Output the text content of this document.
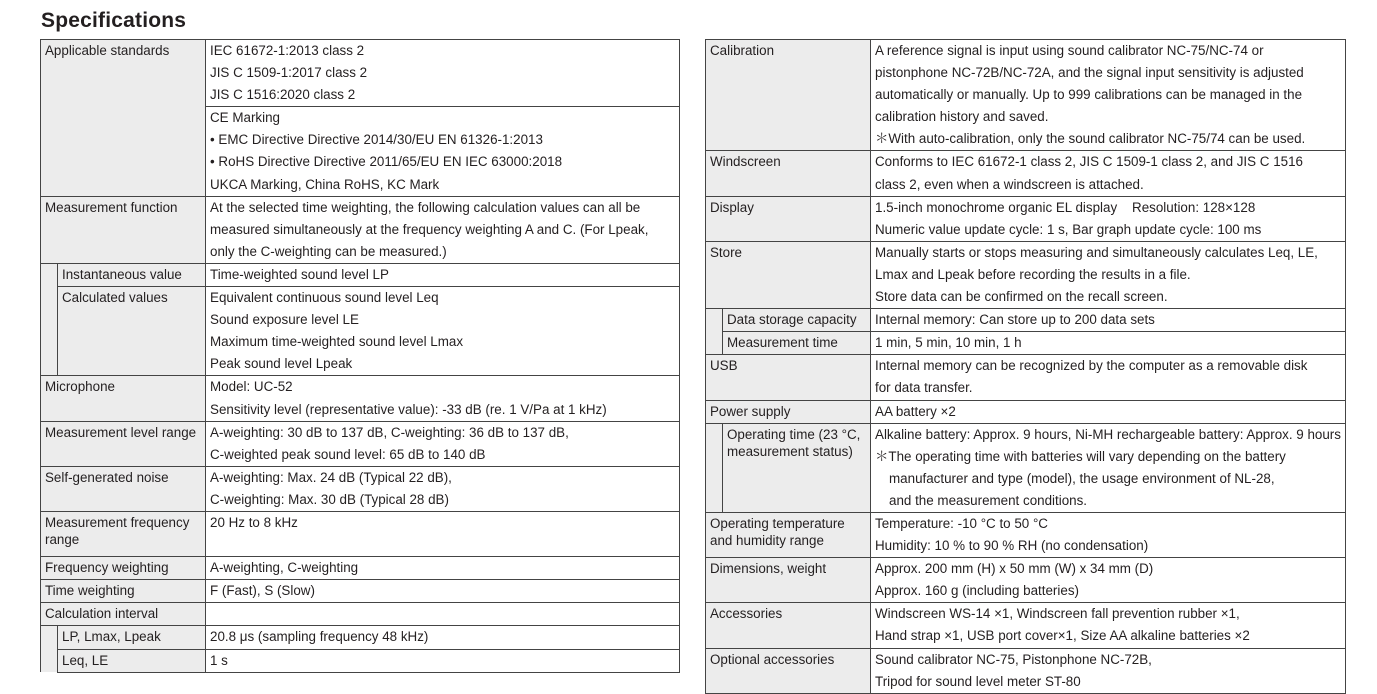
Specifications
Applicable standards		IEC 61672-1:2013 class 2
JIS C 1509-1:2017 class 2
JIS C 1516:2020 class 2

		CE Marking
• EMC Directive Directive 2014/30/EU EN 61326-1:2013
• RoHS Directive Directive 2011/65/EU EN IEC 63000:2018
UKCA Marking, China RoHS, KC Mark

Measurement function		At the selected time weighting, the following calculation values can all be
measured simultaneously at the frequency weighting A and C. (For Lpeak,
only the C-weighting can be measured.)

	Instantaneous value	Time-weighted sound level LP

	Calculated values	Equivalent continuous sound level Leq
Sound exposure level LE
Maximum time-weighted sound level Lmax
Peak sound level Lpeak

Microphone		Model: UC-52
Sensitivity level (representative value): -33 dB (re. 1 V/Pa at 1 kHz)

Measurement level range		A-weighting: 30 dB to 137 dB, C-weighting: 36 dB to 137 dB,
C-weighted peak sound level: 65 dB to 140 dB

Self-generated noise		A-weighting: Max. 24 dB (Typical 22 dB),
C-weighting: Max. 30 dB (Typical 28 dB)

Measurement frequency range		20 Hz to 8 kHz

Frequency weighting		A-weighting, C-weighting

Time weighting		F (Fast), S (Slow)

Calculation interval		

	LP, Lmax, Lpeak	20.8 μs (sampling frequency 48 kHz)

	Leq, LE	1 s
Calibration		A reference signal is input using sound calibrator NC-75/NC-74 or
pistonphone NC-72B/NC-72A, and the signal input sensitivity is adjusted
automatically or manually. Up to 999 calibrations can be managed in the
calibration history and saved.
＊With auto-calibration, only the sound calibrator NC-75/74 can be used.

Windscreen		Conforms to IEC 61672-1 class 2, JIS C 1509-1 class 2, and JIS C 1516
class 2, even when a windscreen is attached.

Display		1.5-inch monochrome organic EL display    Resolution: 128×128
Numeric value update cycle: 1 s, Bar graph update cycle: 100 ms

Store		Manually starts or stops measuring and simultaneously calculates Leq, LE,
Lmax and Lpeak before recording the results in a file.
Store data can be confirmed on the recall screen.

	Data storage capacity	Internal memory: Can store up to 200 data sets

	Measurement time	1 min, 5 min, 10 min, 1 h

USB		Internal memory can be recognized by the computer as a removable disk
for data transfer.

Power supply		AA battery ×2

	Operating time (23 °C, measurement status)	Alkaline battery: Approx. 9 hours, Ni-MH rechargeable battery: Approx. 9 hours
＊The operating time with batteries will vary depending on the battery
manufacturer and type (model), the usage environment of NL-28,
and the measurement conditions.

Operating temperature and humidity range		Temperature: -10 °C to 50 °C
Humidity: 10 % to 90 % RH (no condensation)

Dimensions, weight		Approx. 200 mm (H) x 50 mm (W) x 34 mm (D)
Approx. 160 g (including batteries)

Accessories		Windscreen WS-14 ×1, Windscreen fall prevention rubber ×1,
Hand strap ×1, USB port cover×1, Size AA alkaline batteries ×2

Optional accessories		Sound calibrator NC-75, Pistonphone NC-72B,
Tripod for sound level meter ST-80
